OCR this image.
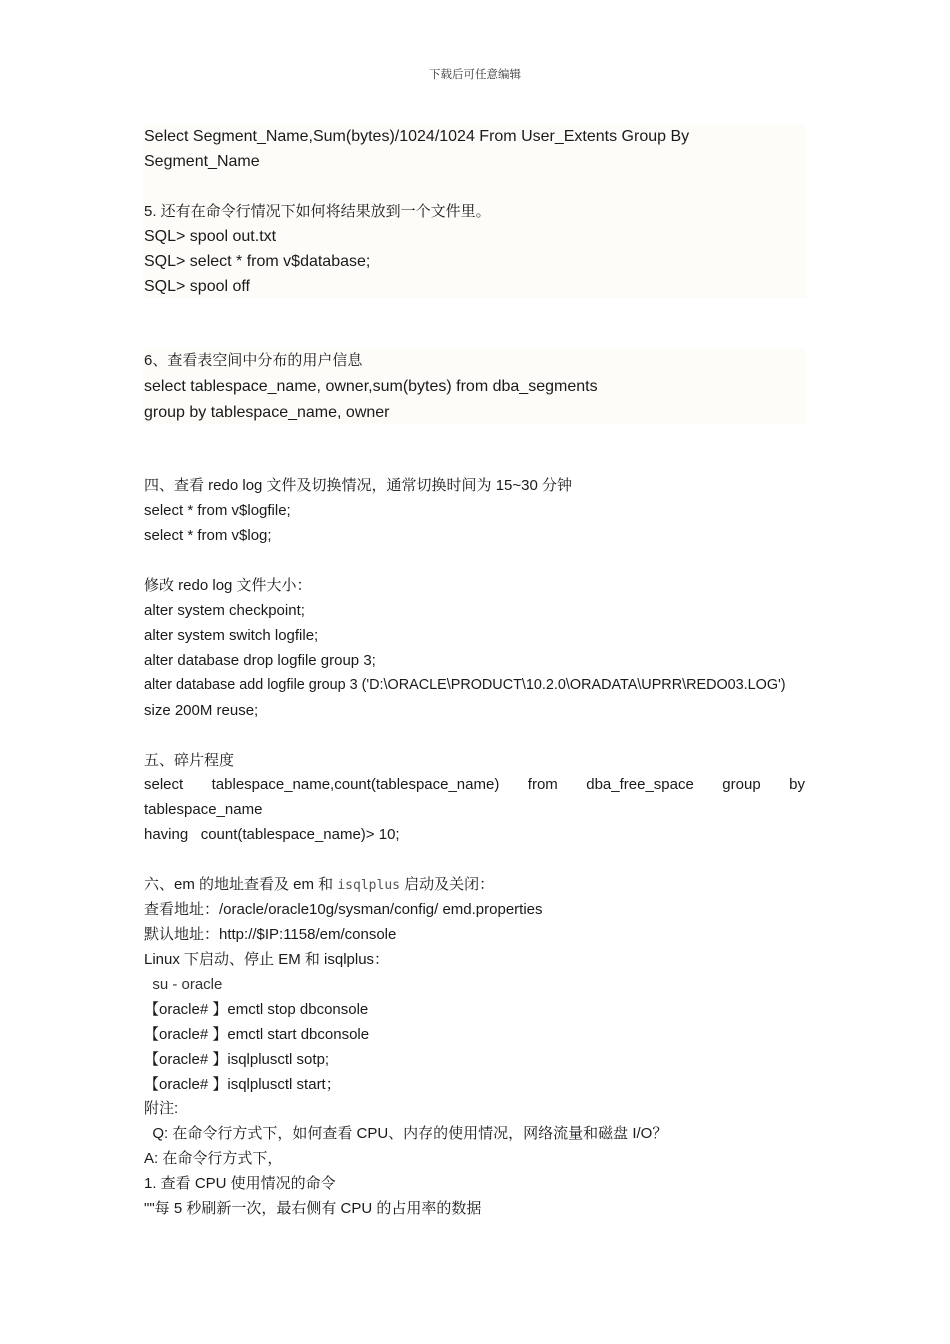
下载后可任意编辑
Select Segment_Name,Sum(bytes)/1024/1024 From User_Extents Group By
Segment_Name
5. 还有在命令行情况下如何将结果放到一个文件里。
SQL> spool out.txt
SQL> select * from v$database;
SQL> spool off
6、查看表空间中分布的用户信息
select tablespace_name, owner,sum(bytes) from dba_segments
group by tablespace_name, owner
四、查看 redo log 文件及切换情况，通常切换时间为 15~30 分钟
select * from v$logfile;
select * from v$log;
修改 redo log 文件大小：
alter system checkpoint;
alter system switch logfile;
alter database drop logfile group 3;
alter database add logfile group 3 ('D:\ORACLE\PRODUCT\10.2.0\ORADATA\UPRR\REDO03.LOG')
size 200M reuse;
五、碎片程度
select tablespace_name,count(tablespace_name) from dba_free_space group by
tablespace_name
having   count(tablespace_name)> 10;
六、em 的地址查看及 em 和 isqlplus 启动及关闭：
查看地址：/oracle/oracle10g/sysman/config/ emd.properties
默认地址：http://$IP:1158/em/console
Linux 下启动、停止 EM 和 isqlplus：
su - oracle
【oracle# 】emctl stop dbconsole
【oracle# 】emctl start dbconsole
【oracle# 】isqlplusctl sotp;
【oracle# 】isqlplusctl start；
附注:
Q: 在命令行方式下，如何查看 CPU、内存的使用情况，网络流量和磁盘 I/O？
A: 在命令行方式下，
1. 查看 CPU 使用情况的命令
""每 5 秒刷新一次，最右侧有 CPU 的占用率的数据
